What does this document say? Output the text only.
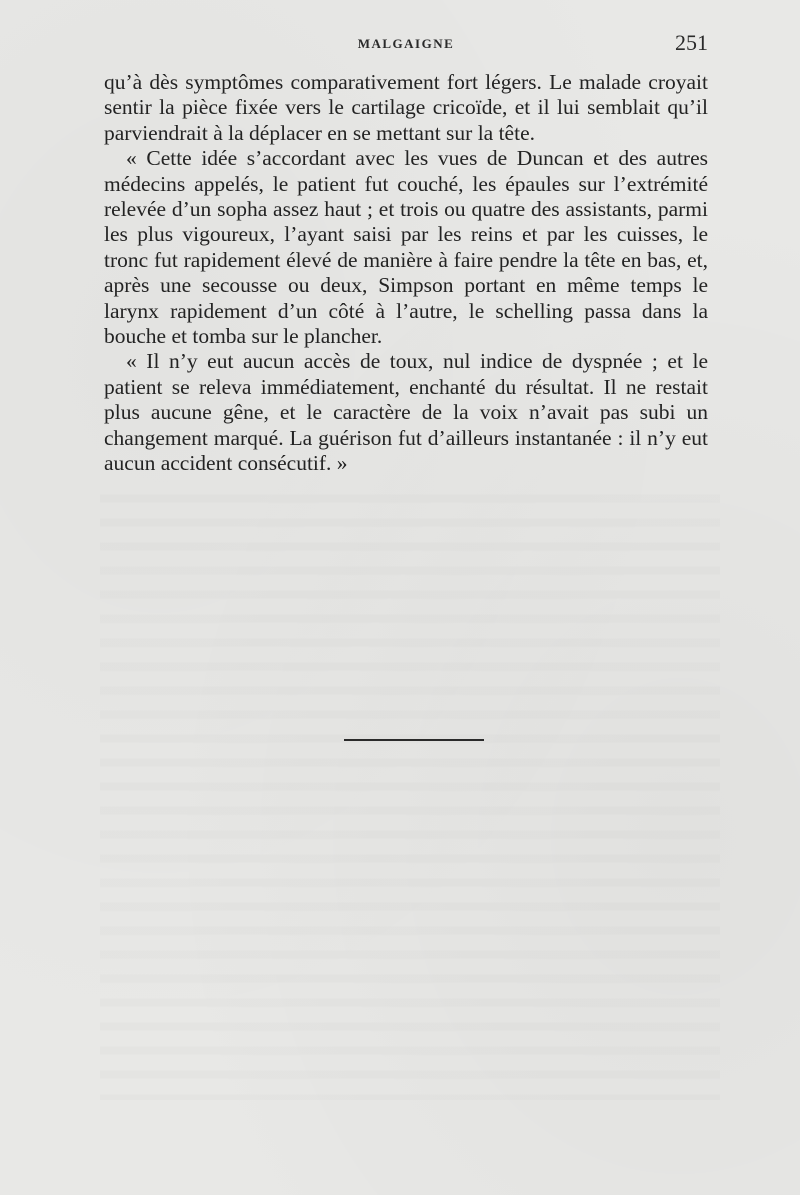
MALGAIGNE	251

qu’à dès symptômes comparativement fort légers. Le malade croyait sentir la pièce fixée vers le cartilage cricoïde, et il lui semblait qu’il parviendrait à la déplacer en se mettant sur la tête.

« Cette idée s’accordant avec les vues de Duncan et des autres médecins appelés, le patient fut couché, les épaules sur l’extrémité relevée d’un sopha assez haut ; et trois ou quatre des assistants, parmi les plus vigoureux, l’ayant saisi par les reins et par les cuisses, le tronc fut rapidement élevé de manière à faire pendre la tête en bas, et, après une secousse ou deux, Simpson portant en même temps le larynx rapidement d’un côté à l’autre, le schelling passa dans la bouche et tomba sur le plancher.

« Il n’y eut aucun accès de toux, nul indice de dyspnée ; et le patient se releva immédiatement, enchanté du résultat. Il ne restait plus aucune gêne, et le caractère de la voix n’avait pas subi un changement marqué. La guérison fut d’ailleurs instantanée : il n’y eut aucun accident consécutif. »
